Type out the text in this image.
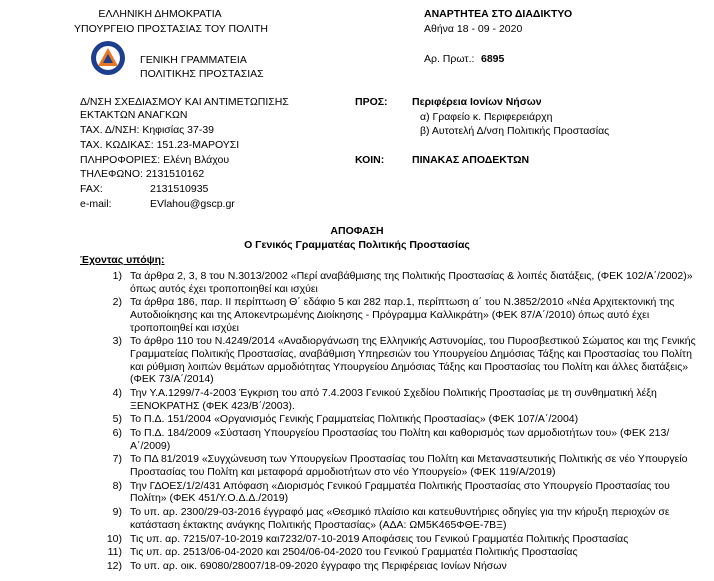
ΕΛΛΗΝΙΚΗ ΔΗΜΟΚΡΑΤΙΑ
ΥΠΟΥΡΓΕΙΟ ΠΡΟΣΤΑΣΙΑΣ ΤΟΥ ΠΟΛΙΤΗ
ΓΕΝΙΚΗ ΓΡΑΜΜΑΤΕΙΑ
ΠΟΛΙΤΙΚΗΣ ΠΡΟΣΤΑΣΙΑΣ
ΑΝΑΡΤΗΤΕΑ ΣΤΟ ΔΙΑΔΙΚΤΥΟ
Αθήνα 18 - 09 - 2020
Αρ. Πρωτ.: 6895
Δ/ΝΣΗ ΣΧΕΔΙΑΣΜΟΥ ΚΑΙ ΑΝΤΙΜΕΤΩΠΙΣΗΣ
ΕΚΤΑΚΤΩΝ ΑΝΑΓΚΩΝ
ΤΑΧ. Δ/ΝΣΗ: Κηφισίας 37-39
ΤΑΧ. ΚΩΔΙΚΑΣ: 151.23-ΜΑΡΟΥΣΙ
ΠΛΗΡΟΦΟΡΙΕΣ: Ελένη Βλάχου
ΤΗΛΕΦΩΝΟ: 2131510162
FAX:	2131510935
e-mail:	EVlahou@gscp.gr
ΠΡΟΣ: Περιφέρεια Ιονίων Νήσων
α) Γραφείο κ. Περιφερειάρχη
β) Αυτοτελή Δ/νση Πολιτικής Προστασίας
ΚΟΙΝ:	ΠΙΝΑΚΑΣ ΑΠΟΔΕΚΤΩΝ
ΑΠΟΦΑΣΗ
Ο Γενικός Γραμματέας Πολιτικής Προστασίας
Έχοντας υπόψη:
1) Τα άρθρα 2, 3, 8 του Ν.3013/2002 «Περί αναβάθμισης της Πολιτικής Προστασίας & λοιπές διατάξεις, (ΦΕΚ 102/Α΄/2002)» όπως αυτός έχει τροποποιηθεί και ισχύει
2) Τα άρθρα 186, παρ. ΙΙ περίπτωση Θ΄ εδάφιο 5 και 282 παρ.1, περίπτωση α΄ του Ν.3852/2010 «Νέα Αρχιτεκτονική της Αυτοδιοίκησης και της Αποκεντρωμένης Διοίκησης - Πρόγραμμα Καλλικράτη» (ΦΕΚ 87/Α΄/2010) όπως αυτό έχει τροποποιηθεί και ισχύει
3) Το άρθρο 110 του Ν.4249/2014 «Αναδιοργάνωση της Ελληνικής Αστυνομίας, του Πυροσβεστικού Σώματος και της Γενικής Γραμματείας Πολιτικής Προστασίας, αναβάθμιση Υπηρεσιών του Υπουργείου Δημόσιας Τάξης και Προστασίας του Πολίτη και ρύθμιση λοιπών θεμάτων αρμοδιότητας Υπουργείου Δημόσιας Τάξης και Προστασίας του Πολίτη και άλλες διατάξεις» (ΦΕΚ 73/Α΄/2014)
4) Την Υ.Α.1299/7-4-2003 Έγκριση του από 7.4.2003 Γενικού Σχεδίου Πολιτικής Προστασίας με τη συνθηματική λέξη ΞΕΝΟΚΡΑΤΗΣ (ΦΕΚ 423/Β΄/2003).
5) Το Π.Δ. 151/2004 «Οργανισμός Γενικής Γραμματείας Πολιτικής Προστασίας» (ΦΕΚ 107/Α΄/2004)
6) Το Π.Δ. 184/2009 «Σύσταση Υπουργείου Προστασίας του Πολίτη και καθορισμός των αρμοδιοτήτων του» (ΦΕΚ 213/Α΄/2009)
7) Το ΠΔ 81/2019 «Συγχώνευση των Υπουργείων Προστασίας του Πολίτη και Μεταναστευτικής Πολιτικής σε νέο Υπουργείο Προστασίας του Πολίτη και μεταφορά αρμοδιοτήτων στο νέο Υπουργείο» (ΦΕΚ 119/Α/2019)
8) Την ΓΔΟΕΣ/1/2/431 Απόφαση «Διορισμός Γενικού Γραμματέα Πολιτικής Προστασίας στο Υπουργείο Προστασίας του Πολίτη» (ΦΕΚ 451/Υ.Ο.Δ.Δ./2019)
9) Το υπ. αρ. 2300/29-03-2016 έγγραφό μας «Θεσμικό πλαίσιο και κατευθυντήριες οδηγίες για την κήρυξη περιοχών σε κατάσταση έκτακτης ανάγκης Πολιτικής Προστασίας» (ΑΔΑ: ΩΜ5Κ465ΦΘΕ-7ΒΞ)
10) Τις υπ. αρ. 7215/07-10-2019 και7232/07-10-2019 Αποφάσεις του Γενικού Γραμματέα Πολιτικής Προστασίας
11) Τις υπ. αρ. 2513/06-04-2020 και 2504/06-04-2020 του Γενικού Γραμματέα Πολιτικής Προστασίας
12) Το υπ. αρ. οικ. 69080/28007/18-09-2020 έγγραφο της Περιφέρειας Ιονίων Νήσων
